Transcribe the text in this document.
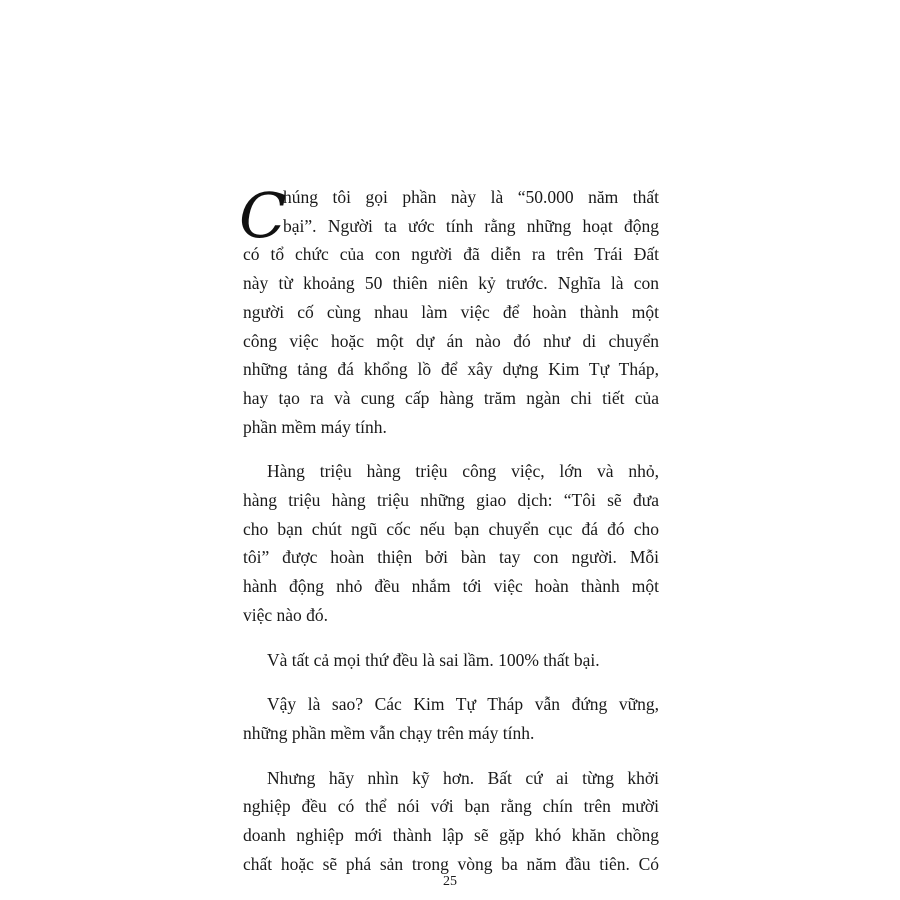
C
húng tôi gọi phần này là “50.000 năm thất
bại”. Người ta ước tính rằng những hoạt động
có tổ chức của con người đã diễn ra trên Trái Đất
này từ khoảng 50 thiên niên kỷ trước. Nghĩa là con
người cố cùng nhau làm việc để hoàn thành một
công việc hoặc một dự án nào đó như di chuyển
những tảng đá khổng lồ để xây dựng Kim Tự Tháp,
hay tạo ra và cung cấp hàng trăm ngàn chi tiết của
phần mềm máy tính.
Hàng triệu hàng triệu công việc, lớn và nhỏ,
hàng triệu hàng triệu những giao dịch: “Tôi sẽ đưa
cho bạn chút ngũ cốc nếu bạn chuyển cục đá đó cho
tôi” được hoàn thiện bởi bàn tay con người. Mỗi
hành động nhỏ đều nhắm tới việc hoàn thành một
việc nào đó.
Và tất cả mọi thứ đều là sai lầm. 100% thất bại.
Vậy là sao? Các Kim Tự Tháp vẫn đứng vững,
những phần mềm vẫn chạy trên máy tính.
Nhưng hãy nhìn kỹ hơn. Bất cứ ai từng khởi
nghiệp đều có thể nói với bạn rằng chín trên mười
doanh nghiệp mới thành lập sẽ gặp khó khăn chồng
chất hoặc sẽ phá sản trong vòng ba năm đầu tiên. Có
25
